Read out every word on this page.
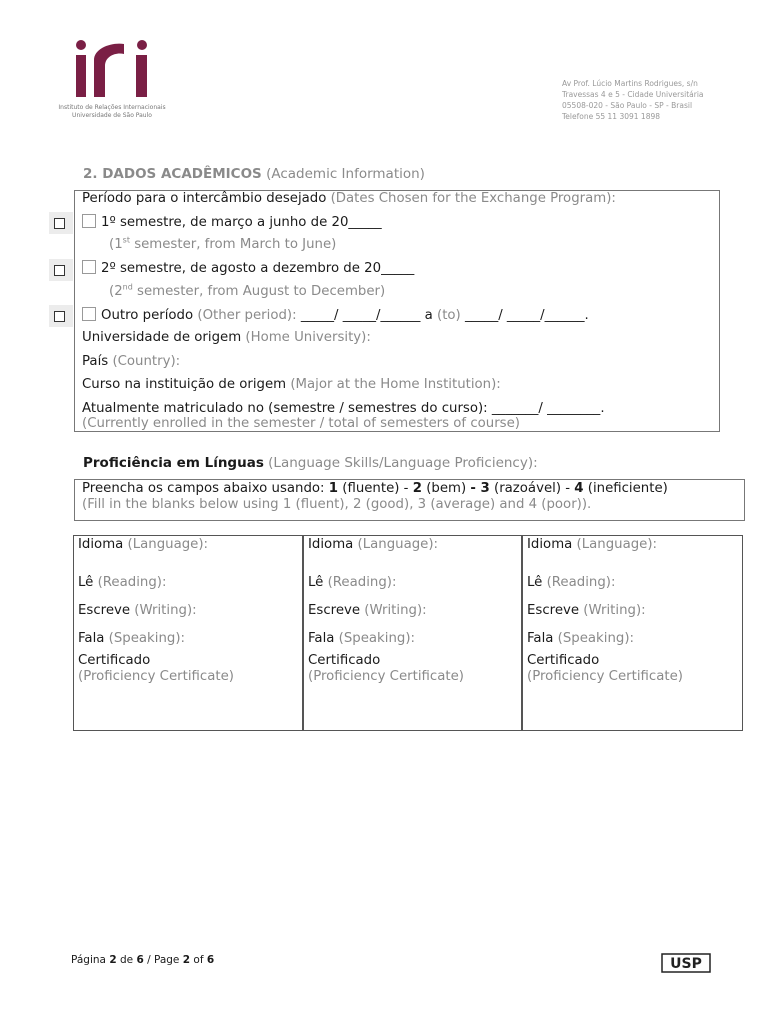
Instituto de Relações Internacionais
Universidade de São Paulo
Av Prof. Lúcio Martins Rodrigues, s/n
Travessas 4 e 5 - Cidade Universitária
05508-020 - São Paulo - SP - Brasil
Telefone 55 11 3091 1898
2. DADOS ACADÊMICOS (Academic Information)
Período para o intercâmbio desejado (Dates Chosen for the Exchange Program):
1º semestre, de março a junho de 20_____
(1st semester, from March to June)
2º semestre, de agosto a dezembro de 20_____
(2nd semester, from August to December)
Outro período (Other period): _____/ _____/______ a (to) _____/ _____/______.
Universidade de origem (Home University):
País (Country):
Curso na instituição de origem (Major at the Home Institution):
Atualmente matriculado no (semestre / semestres do curso): _______/ ________.
(Currently enrolled in the semester / total of semesters of course)
Proficiência em Línguas (Language Skills/Language Proficiency):
Preencha os campos abaixo usando: 1 (fluente) - 2 (bem) - 3 (razoável) - 4 (ineficiente)
(Fill in the blanks below using 1 (fluent), 2 (good), 3 (average) and 4 (poor)).
Idioma (Language):
Lê (Reading):
Escreve (Writing):
Fala (Speaking):
Certificado
(Proficiency Certificate)
Idioma (Language):
Lê (Reading):
Escreve (Writing):
Fala (Speaking):
Certificado
(Proficiency Certificate)
Idioma (Language):
Lê (Reading):
Escreve (Writing):
Fala (Speaking):
Certificado
(Proficiency Certificate)
Página 2 de 6 / Page 2 of 6	USP
